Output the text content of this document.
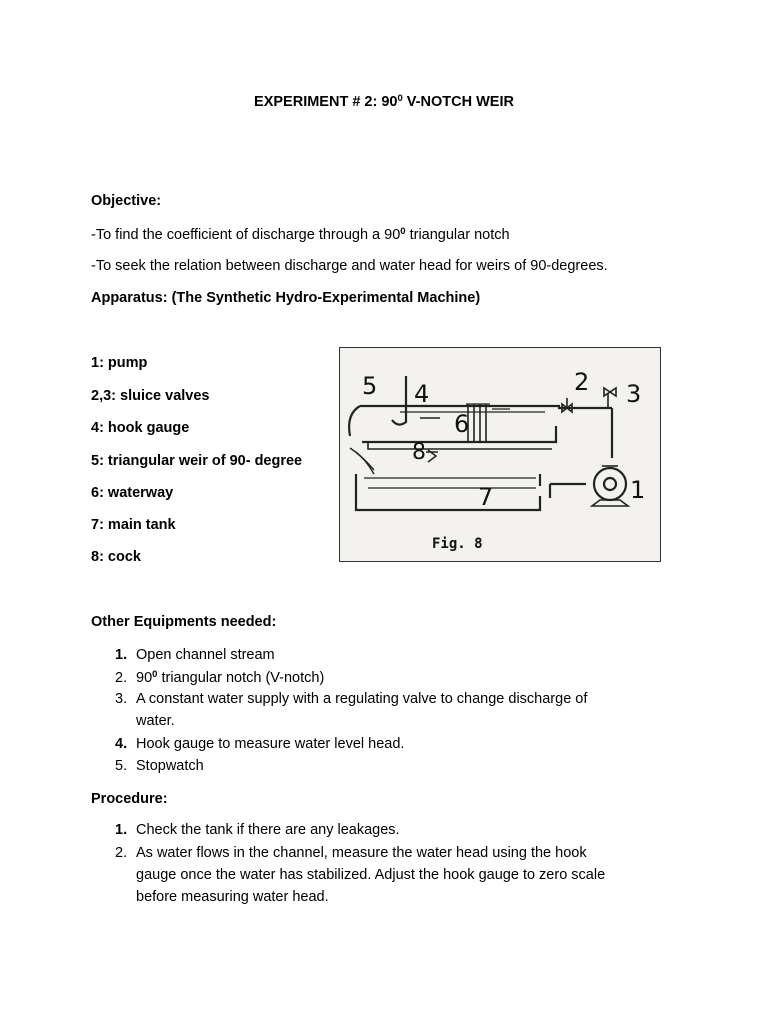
EXPERIMENT # 2: $90^0$ V-NOTCH WEIR
Objective:
-To find the coefficient of discharge through a $90^0$ triangular notch
-To seek the relation between discharge and water head for weirs of 90-degrees.
Apparatus: (The Synthetic Hydro-Experimental Machine)
1: pump
2,3: sluice valves
4: hook gauge
5: triangular weir of 90- degree
6: waterway
7: main tank
8: cock
5 4
6
8
7
2 3
1
Fig. 8
Other Equipments needed:
1. Open channel stream
2. $90^0$ triangular notch (V-notch)
3. A constant water supply with a regulating valve to change discharge of
water.
4. Hook gauge to measure water level head.
5. Stopwatch
Procedure:
1. Check the tank if there are any leakages.
2. As water flows in the channel, measure the water head using the hook
gauge once the water has stabilized. Adjust the hook gauge to zero scale
before measuring water head.
